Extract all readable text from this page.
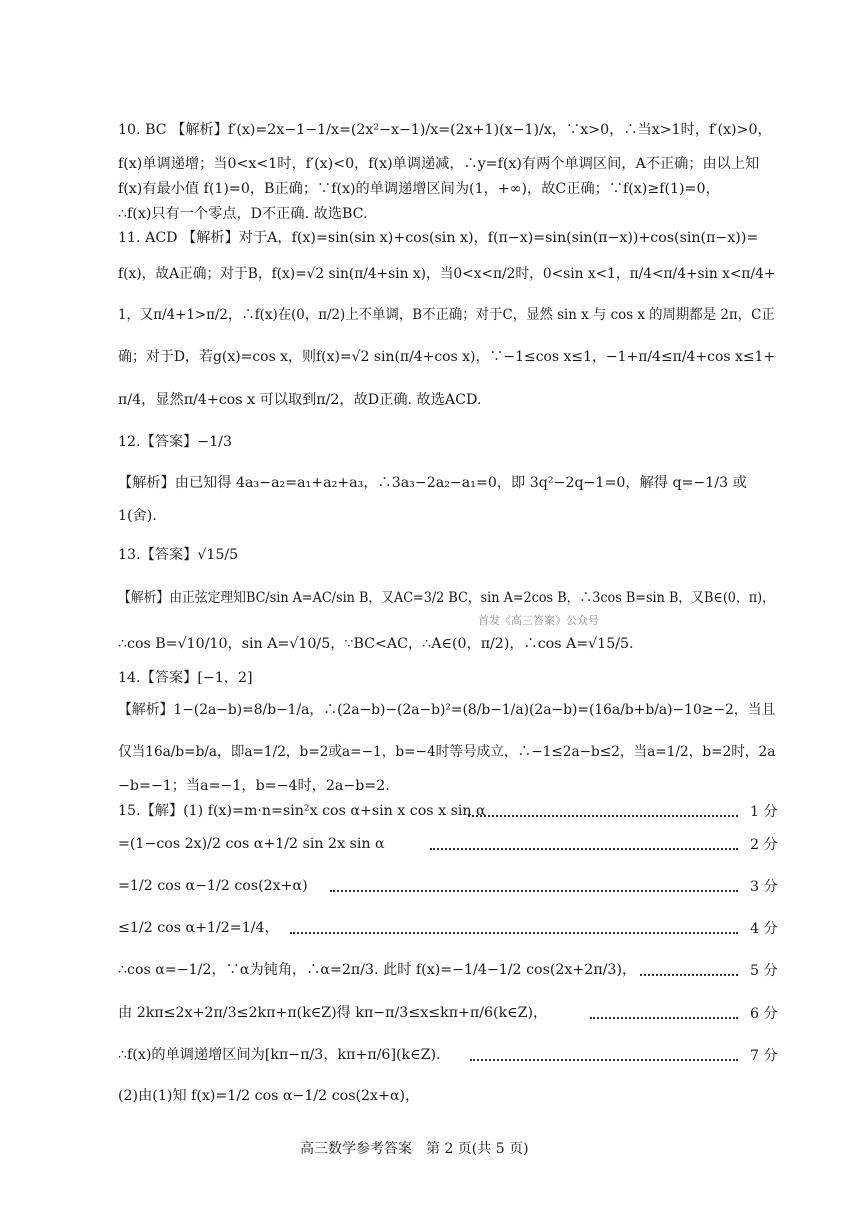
10. BC 【解析】f′(x)=2x−1−1/x=(2x²−x−1)/x=(2x+1)(x−1)/x，∵x>0，∴当x>1时，f′(x)>0，
f(x)单调递增；当0<x<1时，f′(x)<0，f(x)单调递减，∴y=f(x)有两个单调区间，A不正确；由以上知
f(x)有最小值 f(1)=0，B正确；∵f(x)的单调递增区间为(1，+∞)，故C正确；∵f(x)≥f(1)=0，
∴f(x)只有一个零点，D不正确. 故选BC.
11. ACD 【解析】对于A，f(x)=sin(sin x)+cos(sin x)，f(π−x)=sin(sin(π−x))+cos(sin(π−x))=
f(x)，故A正确；对于B，f(x)=√2 sin(π/4+sin x)，当0<x<π/2时，0<sin x<1，π/4<π/4+sin x<π/4+
1，又π/4+1>π/2，∴f(x)在(0，π/2)上不单调，B不正确；对于C，显然 sin x 与 cos x 的周期都是 2π，C正
确；对于D，若g(x)=cos x，则f(x)=√2 sin(π/4+cos x)，∵−1≤cos x≤1，−1+π/4≤π/4+cos x≤1+
π/4，显然π/4+cos x 可以取到π/2，故D正确. 故选ACD.
12.【答案】−1/3
【解析】由已知得 4a₃−a₂=a₁+a₂+a₃，∴3a₃−2a₂−a₁=0，即 3q²−2q−1=0，解得 q=−1/3 或
1(舍).
13.【答案】√15/5
【解析】由正弦定理知BC/sin A=AC/sin B，又AC=3/2 BC，sin A=2cos B，∴3cos B=sin B，又B∈(0，π)，
首发《高三答案》公众号
∴cos B=√10/10，sin A=√10/5，∵BC<AC，∴A∈(0，π/2)，∴cos A=√15/5.
14.【答案】[−1，2]
【解析】1−(2a−b)=8/b−1/a，∴(2a−b)−(2a−b)²=(8/b−1/a)(2a−b)=(16a/b+b/a)−10≥−2，当且
仅当16a/b=b/a，即a=1/2，b=2或a=−1，b=−4时等号成立，∴−1≤2a−b≤2，当a=1/2，b=2时，2a
−b=−1；当a=−1，b=−4时，2a−b=2.
15.【解】(1) f(x)=m·n=sin²x cos α+sin x cos x sin α	1 分
=(1−cos 2x)/2 cos α+1/2 sin 2x sin α	2 分
=1/2 cos α−1/2 cos(2x+α)	3 分
≤1/2 cos α+1/2=1/4，	4 分
∴cos α=−1/2，∵α为钝角，∴α=2π/3. 此时 f(x)=−1/4−1/2 cos(2x+2π/3)，	5 分
由 2kπ≤2x+2π/3≤2kπ+π(k∈Z)得 kπ−π/3≤x≤kπ+π/6(k∈Z)，	6 分
∴f(x)的单调递增区间为[kπ−π/3，kπ+π/6](k∈Z).	7 分
(2)由(1)知 f(x)=1/2 cos α−1/2 cos(2x+α)，
高三数学参考答案　第 2 页(共 5 页)
